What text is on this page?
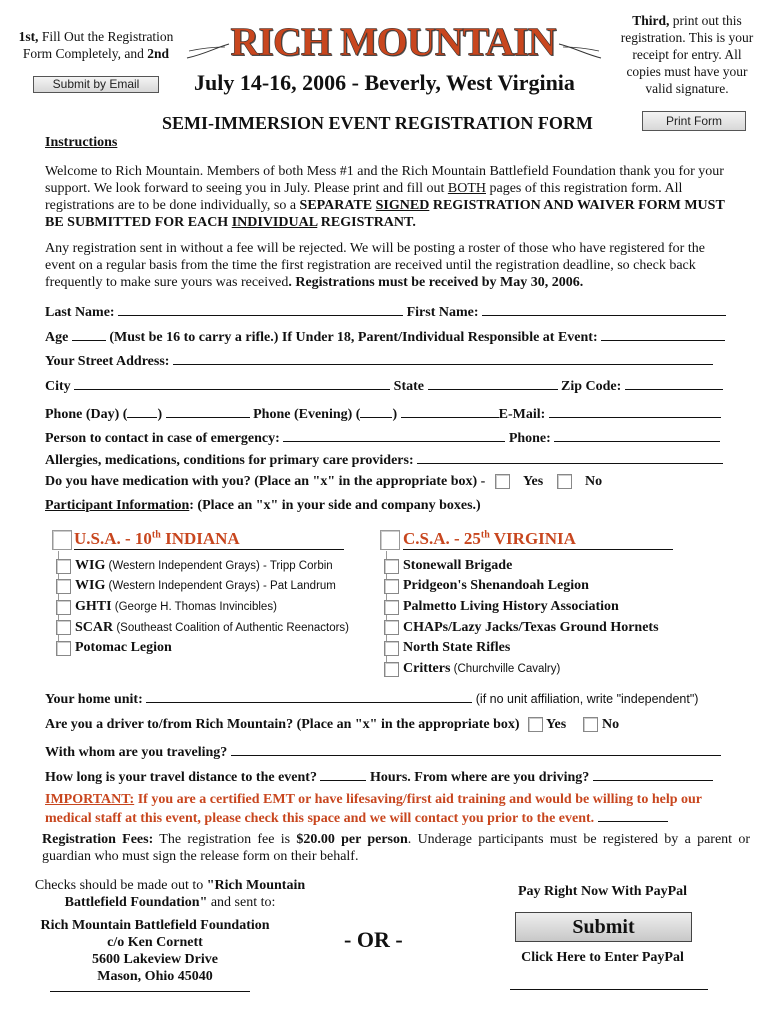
1st, Fill Out the Registration
Form Completely, and 2nd
Submit by Email
RICH MOUNTAIN
July 14-16, 2006 - Beverly, West Virginia
Third, print out this
registration. This is your
receipt for entry. All
copies must have your
valid signature.
Print Form
SEMI-IMMERSION EVENT REGISTRATION FORM
Instructions

Welcome to Rich Mountain. Members of both Mess #1 and the Rich Mountain Battlefield Foundation thank you for your support. We look forward to seeing you in July. Please print and fill out BOTH pages of this registration form. All registrations are to be done individually, so a SEPARATE SIGNED REGISTRATION AND WAIVER FORM MUST BE SUBMITTED FOR EACH INDIVIDUAL REGISTRANT.

Any registration sent in without a fee will be rejected. We will be posting a roster of those who have registered for the event on a regular basis from the time the first registration are received until the registration deadline, so check back frequently to make sure yours was received. Registrations must be received by May 30, 2006.

Last Name:	First Name:
Age	(Must be 16 to carry a rifle.) If Under 18, Parent/Individual Responsible at Event:
Your Street Address:
City	State	Zip Code:
Phone (Day) ( )	Phone (Evening) ( )	E-Mail:
Person to contact in case of emergency:	Phone:
Allergies, medications, conditions for primary care providers:
Do you have medication with you? (Place an "x" in the appropriate box) -	Yes	No
Participant Information: (Place an "x" in your side and company boxes.)
U.S.A. - 10th INDIANA
WIG (Western Independent Grays) - Tripp Corbin
WIG (Western Independent Grays) - Pat Landrum
GHTI (George H. Thomas Invincibles)
SCAR (Southeast Coalition of Authentic Reenactors)
Potomac Legion
C.S.A. - 25th VIRGINIA
Stonewall Brigade
Pridgeon's Shenandoah Legion
Palmetto Living History Association
CHAPs/Lazy Jacks/Texas Ground Hornets
North State Rifles
Critters (Churchville Cavalry)
Your home unit:	(if no unit affiliation, write "independent")
Are you a driver to/from Rich Mountain? (Place an "x" in the appropriate box) Yes	No
With whom are you traveling?
How long is your travel distance to the event?	Hours. From where are you driving?

IMPORTANT: If you are a certified EMT or have lifesaving/first aid training and would be willing to help our medical staff at this event, please check this space and we will contact you prior to the event.

Registration Fees: The registration fee is $20.00 per person. Underage participants must be registered by a parent or guardian who must sign the release form on their behalf.

Checks should be made out to "Rich Mountain Battlefield Foundation" and sent to:
Rich Mountain Battlefield Foundation
c/o Ken Cornett
5600 Lakeview Drive
Mason, Ohio 45040
- OR -
Pay Right Now With PayPal
Submit
Click Here to Enter PayPal
